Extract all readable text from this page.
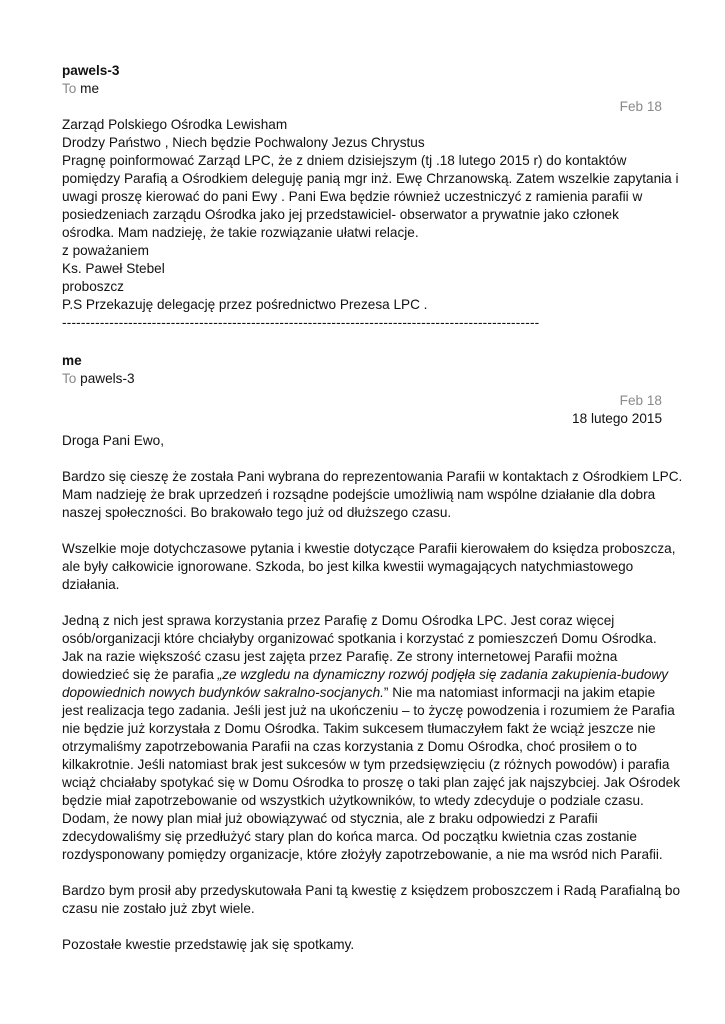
pawels-3

To me

Feb 18

Zarząd Polskiego Ośrodka Lewisham

Drodzy Państwo , Niech będzie Pochwalony Jezus Chrystus

Pragnę poinformować Zarząd LPC, że z dniem dzisiejszym (tj .18 lutego 2015 r) do kontaktów

pomiędzy Parafią a Ośrodkiem deleguję panią mgr inż. Ewę Chrzanowską. Zatem wszelkie zapytania i

uwagi proszę kierować do pani Ewy . Pani Ewa będzie również uczestniczyć z ramienia parafii w

posiedzeniach zarządu Ośrodka jako jej przedstawiciel- obserwator a prywatnie jako członek

ośrodka. Mam nadzieję, że takie rozwiązanie ułatwi relacje.

z poważaniem

Ks. Paweł Stebel

proboszcz

P.S Przekazuję delegację przez pośrednictwo Prezesa LPC .

-----------------------------------------------------------------------------------------------------

me

To pawels-3

Feb 18

18 lutego 2015

Droga Pani Ewo,

Bardzo się cieszę że została Pani wybrana do reprezentowania Parafii w kontaktach z Ośrodkiem LPC.

Mam nadzieję że brak uprzedzeń i rozsądne podejście umożliwią nam wspólne działanie dla dobra

naszej społeczności. Bo brakowało tego już od dłuższego czasu.

Wszelkie moje dotychczasowe pytania i kwestie dotyczące Parafii kierowałem do księdza proboszcza,

ale były całkowicie ignorowane. Szkoda, bo jest kilka kwestii wymagających natychmiastowego

działania.

Jedną z nich jest sprawa korzystania przez Parafię z Domu Ośrodka LPC. Jest coraz więcej

osób/organizacji które chciałyby organizować spotkania i korzystać z pomieszczeń Domu Ośrodka.

Jak na razie większość czasu jest zajęta przez Parafię. Ze strony internetowej Parafii można

dowiedzieć się że parafia „ze wzgledu na dynamiczny rozwój podjęła się zadania zakupienia-budowy

dopowiednich nowych budynków sakralno-socjanych.” Nie ma natomiast informacji na jakim etapie

jest realizacja tego zadania. Jeśli jest już na ukończeniu – to życzę powodzenia i rozumiem że Parafia

nie będzie już korzystała z Domu Ośrodka. Takim sukcesem tłumaczyłem fakt że wciąż jeszcze nie

otrzymaliśmy zapotrzebowania Parafii na czas korzystania z Domu Ośrodka, choć prosiłem o to

kilkakrotnie. Jeśli natomiast brak jest sukcesów w tym przedsięwzięciu (z różnych powodów) i parafia

wciąż chciałaby spotykać się w Domu Ośrodka to proszę o taki plan zajęć jak najszybciej. Jak Ośrodek

będzie miał zapotrzebowanie od wszystkich użytkowników, to wtedy zdecyduje o podziale czasu.

Dodam, że nowy plan miał już obowiązywać od stycznia, ale z braku odpowiedzi z Parafii

zdecydowaliśmy się przedłużyć stary plan do końca marca. Od początku kwietnia czas zostanie

rozdysponowany pomiędzy organizacje, które złożyły zapotrzebowanie, a nie ma wsród nich Parafii.

Bardzo bym prosił aby przedyskutowała Pani tą kwestię z księdzem proboszczem i Radą Parafialną bo

czasu nie zostało już zbyt wiele.

Pozostałe kwestie przedstawię jak się spotkamy.
